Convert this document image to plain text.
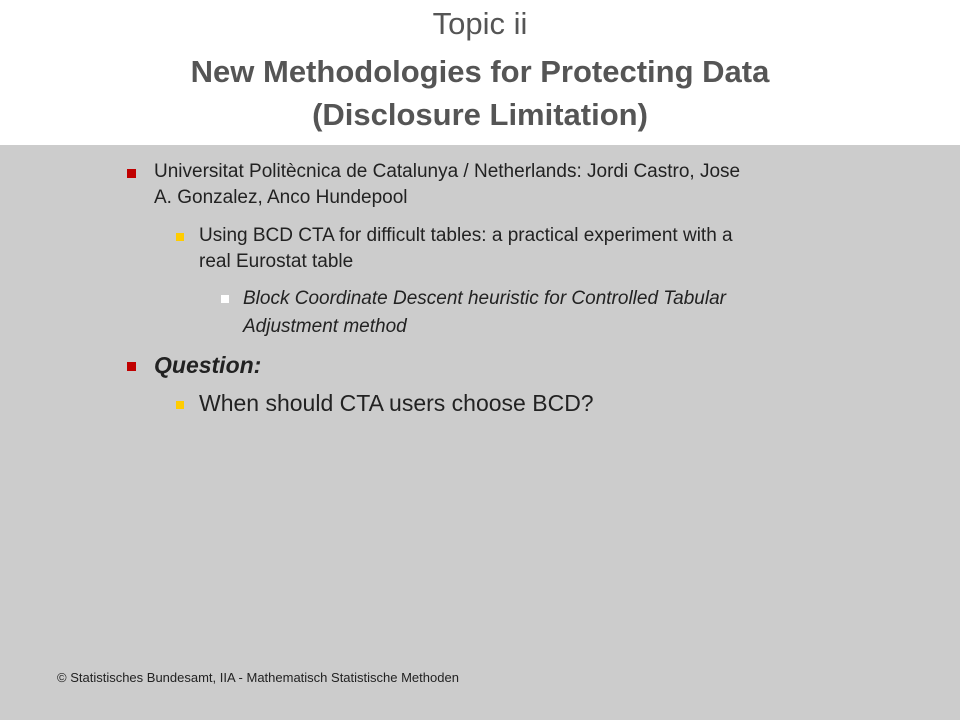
Topic ii
New Methodologies for Protecting Data
(Disclosure Limitation)
Universitat Politècnica de Catalunya / Netherlands: Jordi Castro, Jose
A. Gonzalez, Anco Hundepool
Using BCD CTA for difficult tables: a practical experiment with a
real Eurostat table
Block Coordinate Descent heuristic for Controlled Tabular
Adjustment method
Question:
When should CTA users choose BCD?
© Statistisches Bundesamt, IIA - Mathematisch Statistische Methoden
